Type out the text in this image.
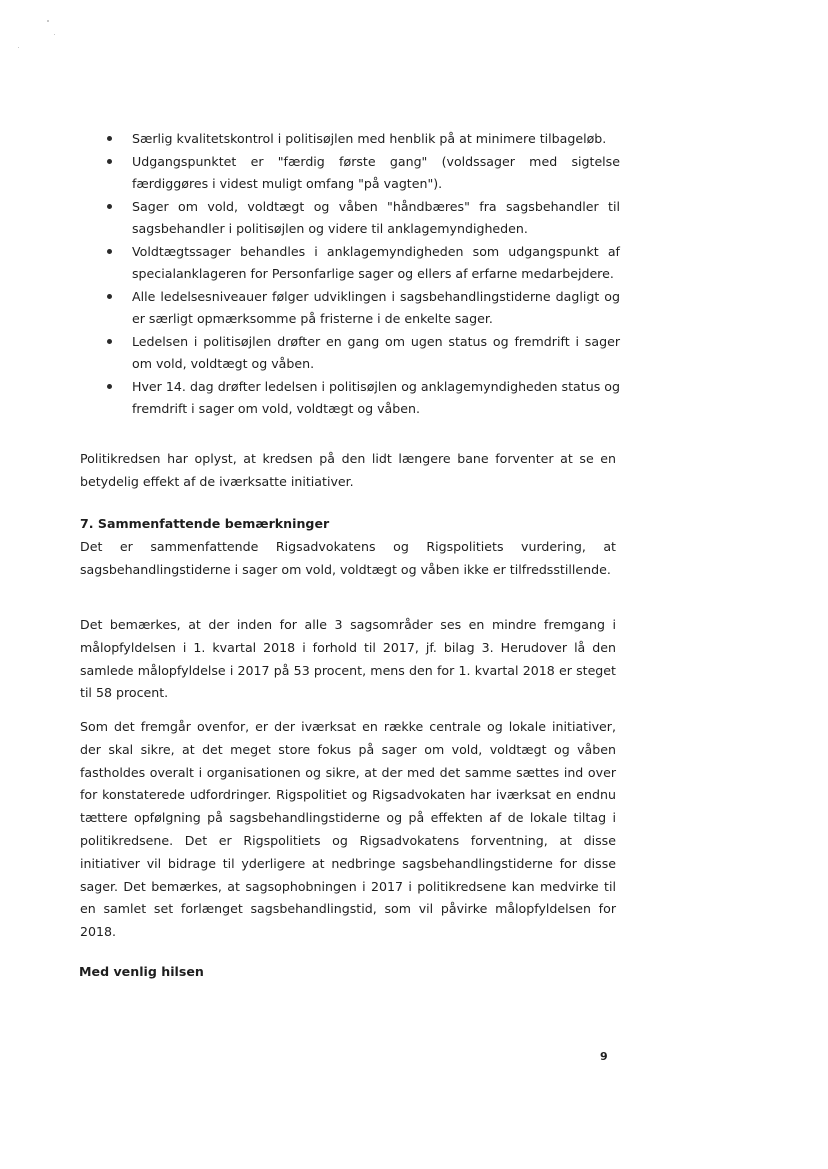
Særlig kvalitetskontrol i politisøjlen med henblik på at minimere tilbageløb.
Udgangspunktet er "færdig første gang" (voldssager med sigtelse færdiggøres i videst muligt omfang "på vagten").
Sager om vold, voldtægt og våben "håndbæres" fra sagsbehandler til sagsbehandler i politisøjlen og videre til anklagemyndigheden.
Voldtægtssager behandles i anklagemyndigheden som udgangspunkt af specialanklageren for Personfarlige sager og ellers af erfarne medarbejdere.
Alle ledelsesniveauer følger udviklingen i sagsbehandlingstiderne dagligt og er særligt opmærksomme på fristerne i de enkelte sager.
Ledelsen i politisøjlen drøfter en gang om ugen status og fremdrift i sager om vold, voldtægt og våben.
Hver 14. dag drøfter ledelsen i politisøjlen og anklagemyndigheden status og fremdrift i sager om vold, voldtægt og våben.

Politikredsen har oplyst, at kredsen på den lidt længere bane forventer at se en betydelig effekt af de iværksatte initiativer.

7. Sammenfattende bemærkninger

Det er sammenfattende Rigsadvokatens og Rigspolitiets vurdering, at sagsbehandlingstiderne i sager om vold, voldtægt og våben ikke er tilfredsstillende.

Det bemærkes, at der inden for alle 3 sagsområder ses en mindre fremgang i målopfyldelsen i 1. kvartal 2018 i forhold til 2017, jf. bilag 3. Herudover lå den samlede målopfyldelse i 2017 på 53 procent, mens den for 1. kvartal 2018 er steget til 58 procent.

Som det fremgår ovenfor, er der iværksat en række centrale og lokale initiativer, der skal sikre, at det meget store fokus på sager om vold, voldtægt og våben fastholdes overalt i organisationen og sikre, at der med det samme sættes ind over for konstaterede udfordringer. Rigspolitiet og Rigsadvokaten har iværksat en endnu tættere opfølgning på sagsbehandlingstiderne og på effekten af de lokale tiltag i politikredsene. Det er Rigspolitiets og Rigsadvokatens forventning, at disse initiativer vil bidrage til yderligere at nedbringe sagsbehandlingstiderne for disse sager. Det bemærkes, at sagsophobningen i 2017 i politikredsene kan medvirke til en samlet set forlænget sagsbehandlingstid, som vil påvirke målopfyldelsen for 2018.

Med venlig hilsen

9
